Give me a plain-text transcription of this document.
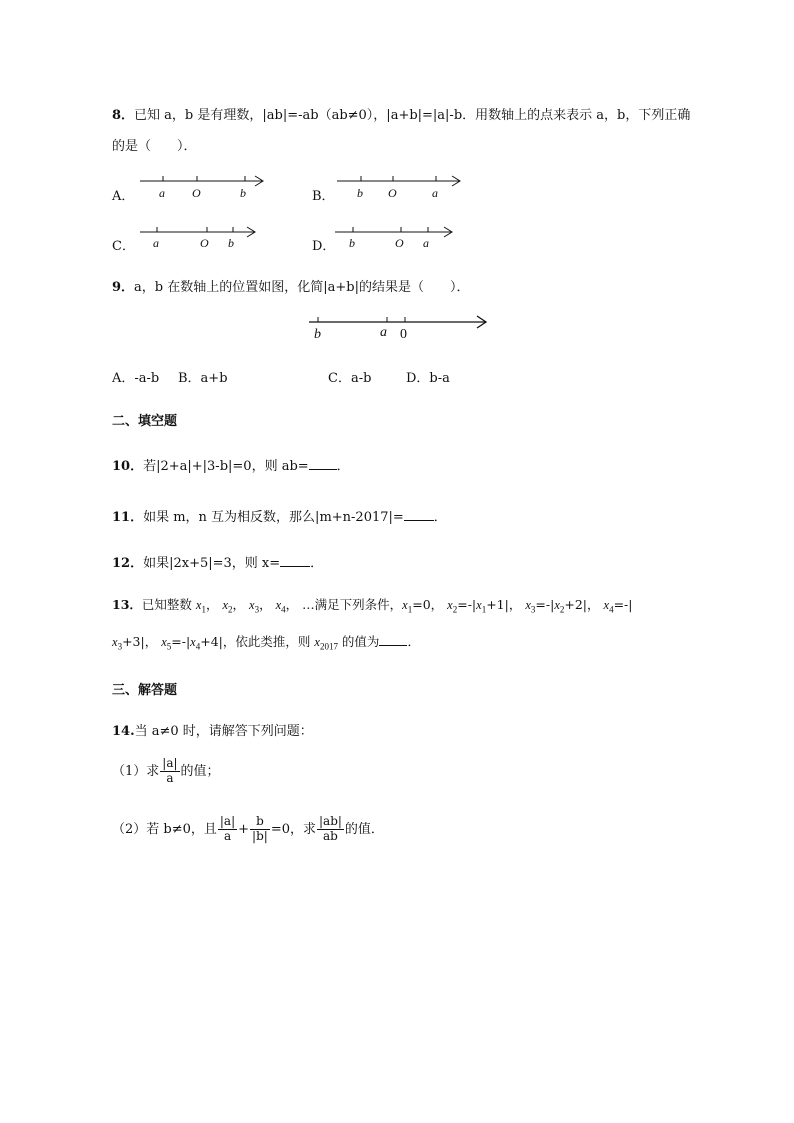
8．已知 a，b 是有理数，|ab|=-ab（ab≠0），|a+b|=|a|-b．用数轴上的点来表示 a，b，下列正确
的是（　　）．
A． a O	b	B． b O	a
C． a	O b	D． b	O a
9．a，b 在数轴上的位置如图，化简|a+b|的结果是（　　）．
b	a 0
A．-a-b B．a+b	C．a-b	D．b-a
二、填空题
10．若|2+a|+|3-b|=0，则 ab= ．
11．如果 m，n 互为相反数，那么|m+n-2017|= ．
12．如果|2x+5|=3，则 x= ．
13．已知整数 $x_1$， $x_2$， $x_3$， $x_4$， …满足下列条件，$x_1=0$， $x_2=-|x_1+1|$， $x_3=-|x_2+2|$， $x_4=-|$
$x_3+3|$， $x_5=-|x_4+4|$，依此类推，则 $x_{2017}$ 的值为 ．
三、解答题
14.当 a≠0 时，请解答下列问题：
（1）求 $\frac{|a|}{a}$ 的值；
（2）若 b≠0，且 $\frac{|a|}{a} + \frac{b}{|b|} =0$，求 $\frac{|ab|}{ab}$ 的值．
